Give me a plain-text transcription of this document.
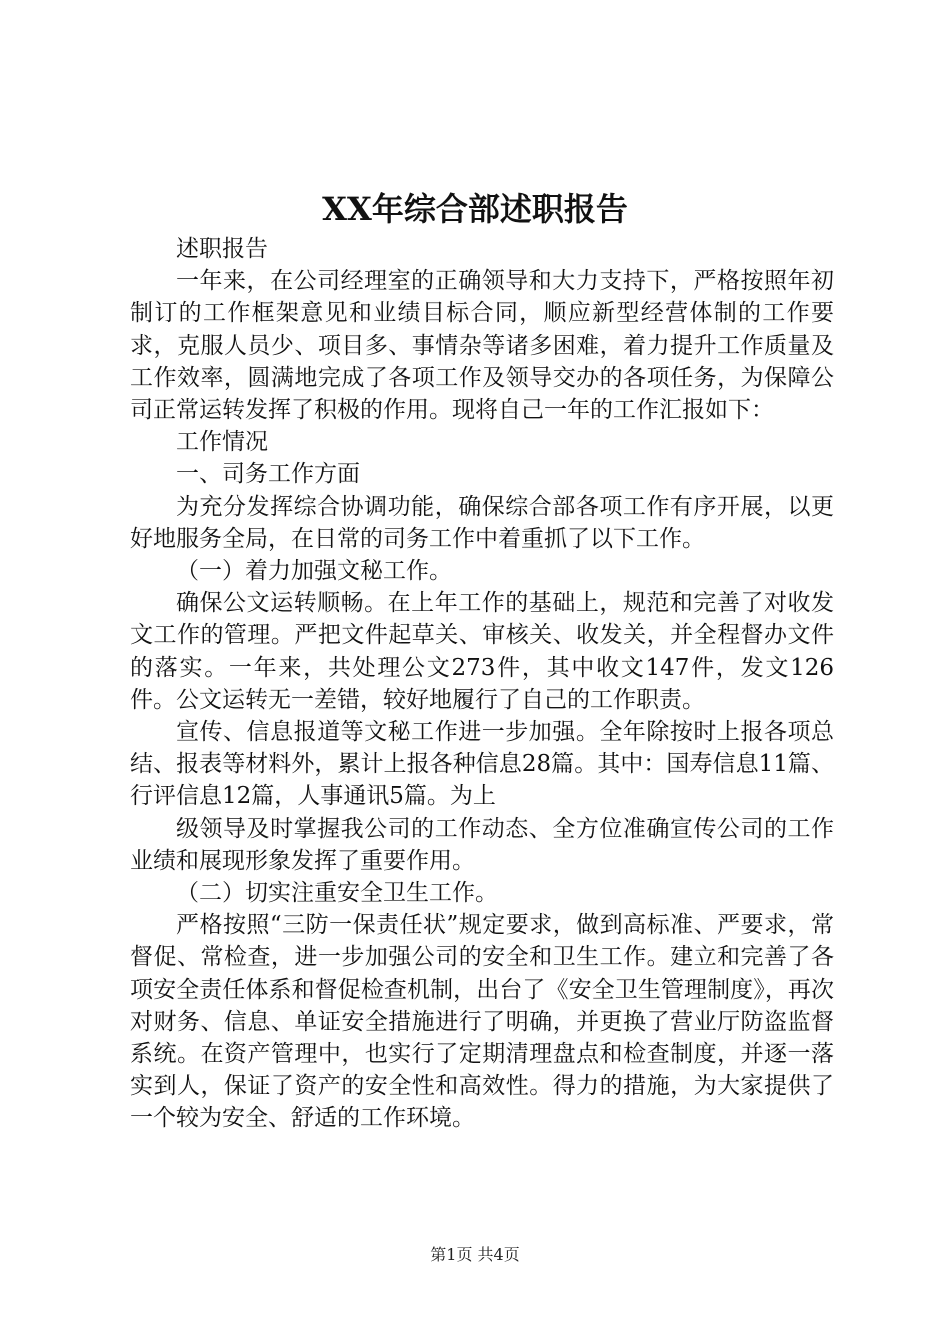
XX年综合部述职报告

述职报告

一年来，在公司经理室的正确领导和大力支持下，严格按照年初制订的工作框架意见和业绩目标合同，顺应新型经营体制的工作要求，克服人员少、项目多、事情杂等诸多困难，着力提升工作质量及工作效率，圆满地完成了各项工作及领导交办的各项任务，为保障公司正常运转发挥了积极的作用。现将自己一年的工作汇报如下：

工作情况

一、司务工作方面

为充分发挥综合协调功能，确保综合部各项工作有序开展，以更好地服务全局，在日常的司务工作中着重抓了以下工作。

（一）着力加强文秘工作。

确保公文运转顺畅。在上年工作的基础上，规范和完善了对收发文工作的管理。严把文件起草关、审核关、收发关，并全程督办文件的落实。一年来，共处理公文273件，其中收文147件，发文126件。公文运转无一差错，较好地履行了自己的工作职责。

宣传、信息报道等文秘工作进一步加强。全年除按时上报各项总结、报表等材料外，累计上报各种信息28篇。其中：国寿信息11篇、行评信息12篇，人事通讯5篇。为上

级领导及时掌握我公司的工作动态、全方位准确宣传公司的工作业绩和展现形象发挥了重要作用。

（二）切实注重安全卫生工作。

严格按照“三防一保责任状”规定要求，做到高标准、严要求，常督促、常检查，进一步加强公司的安全和卫生工作。建立和完善了各项安全责任体系和督促检查机制，出台了《安全卫生管理制度》，再次对财务、信息、单证安全措施进行了明确，并更换了营业厅防盗监督系统。在资产管理中，也实行了定期清理盘点和检查制度，并逐一落实到人，保证了资产的安全性和高效性。得力的措施，为大家提供了一个较为安全、舒适的工作环境。

第1页 共4页
